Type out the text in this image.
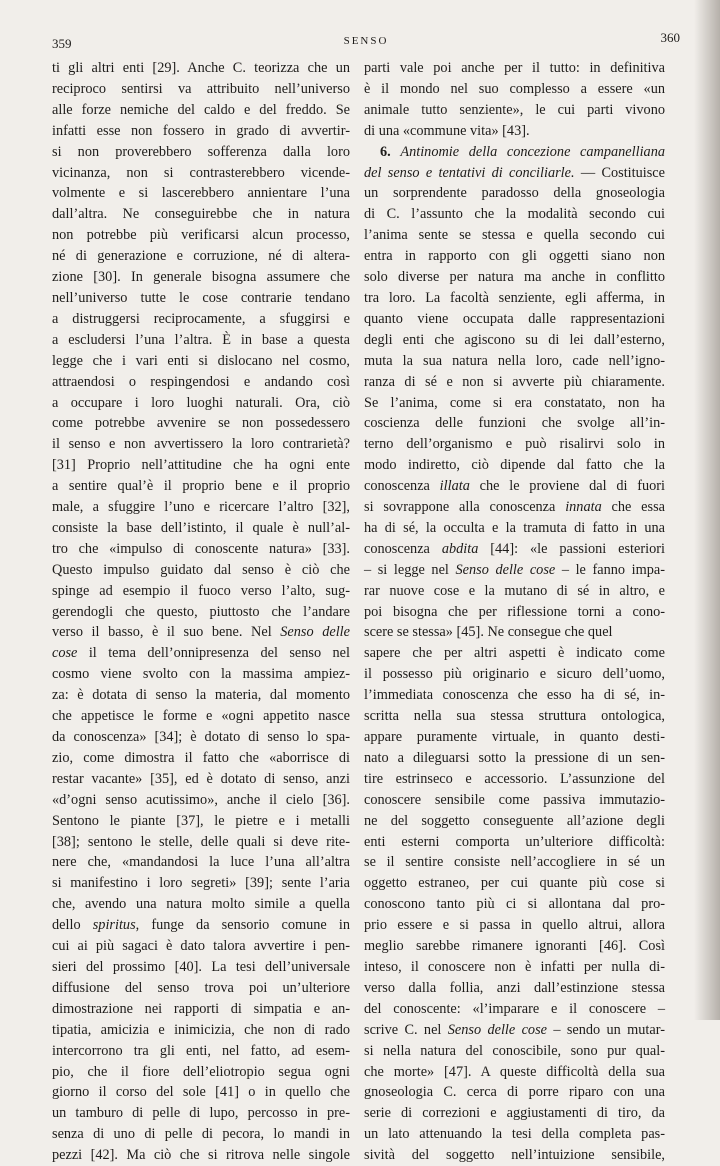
359	SENSO	360
ti gli altri enti [29]. Anche C. teorizza che un
reciproco sentirsi va attribuito nell’universo
alle forze nemiche del caldo e del freddo. Se
infatti esse non fossero in grado di avvertir-
si non proverebbero sofferenza dalla loro
vicinanza, non si contrasterebbero vicende-
volmente e si lascerebbero annientare l’una
dall’altra. Ne conseguirebbe che in natura
non potrebbe più verificarsi alcun processo,
né di generazione e corruzione, né di altera-
zione [30]. In generale bisogna assumere che
nell’universo tutte le cose contrarie tendano
a distruggersi reciprocamente, a sfuggirsi e
a escludersi l’una l’altra. È in base a questa
legge che i vari enti si dislocano nel cosmo,
attraendosi o respingendosi e andando così
a occupare i loro luoghi naturali. Ora, ciò
come potrebbe avvenire se non possedessero
il senso e non avvertissero la loro contrarietà?
[31] Proprio nell’attitudine che ha ogni ente
a sentire qual’è il proprio bene e il proprio
male, a sfuggire l’uno e ricercare l’altro [32],
consiste la base dell’istinto, il quale è null’al-
tro che «impulso di conoscente natura» [33].
Questo impulso guidato dal senso è ciò che
spinge ad esempio il fuoco verso l’alto, sug-
gerendogli che questo, piuttosto che l’andare
verso il basso, è il suo bene. Nel Senso delle
cose il tema dell’onnipresenza del senso nel
cosmo viene svolto con la massima ampiez-
za: è dotata di senso la materia, dal momento
che appetisce le forme e «ogni appetito nasce
da conoscenza» [34]; è dotato di senso lo spa-
zio, come dimostra il fatto che «aborrisce di
restar vacante» [35], ed è dotato di senso, anzi
«d’ogni senso acutissimo», anche il cielo [36].
Sentono le piante [37], le pietre e i metalli
[38]; sentono le stelle, delle quali si deve rite-
nere che, «mandandosi la luce l’una all’altra
si manifestino i loro segreti» [39]; sente l’aria
che, avendo una natura molto simile a quella
dello spiritus, funge da sensorio comune in
cui ai più sagaci è dato talora avvertire i pen-
sieri del prossimo [40]. La tesi dell’universale
diffusione del senso trova poi un’ulteriore
dimostrazione nei rapporti di simpatia e an-
tipatia, amicizia e inimicizia, che non di rado
intercorrono tra gli enti, nel fatto, ad esem-
pio, che il fiore dell’eliotropio segua ogni
giorno il corso del sole [41] o in quello che
un tamburo di pelle di lupo, percosso in pre-
senza di uno di pelle di pecora, lo mandi in
pezzi [42]. Ma ciò che si ritrova nelle singole
parti vale poi anche per il tutto: in definitiva
è il mondo nel suo complesso a essere «un
animale tutto senziente», le cui parti vivono
di una «commune vita» [43].
6. Antinomie della concezione campanelliana
del senso e tentativi di conciliarle. — Costituisce
un sorprendente paradosso della gnoseologia
di C. l’assunto che la modalità secondo cui
l’anima sente se stessa e quella secondo cui
entra in rapporto con gli oggetti siano non
solo diverse per natura ma anche in conflitto
tra loro. La facoltà senziente, egli afferma, in
quanto viene occupata dalle rappresentazioni
degli enti che agiscono su di lei dall’esterno,
muta la sua natura nella loro, cade nell’igno-
ranza di sé e non si avverte più chiaramente.
Se l’anima, come si era constatato, non ha
coscienza delle funzioni che svolge all’in-
terno dell’organismo e può risalirvi solo in
modo indiretto, ciò dipende dal fatto che la
conoscenza illata che le proviene dal di fuori
si sovrappone alla conoscenza innata che essa
ha di sé, la occulta e la tramuta di fatto in una
conoscenza abdita [44]: «le passioni esteriori
– si legge nel Senso delle cose – le fanno impa-
rar nuove cose e la mutano di sé in altro, e
poi bisogna che per riflessione torni a cono-
scere se stessa» [45]. Ne consegue che quel
sapere che per altri aspetti è indicato come
il possesso più originario e sicuro dell’uomo,
l’immediata conoscenza che esso ha di sé, in-
scritta nella sua stessa struttura ontologica,
appare puramente virtuale, in quanto desti-
nato a dileguarsi sotto la pressione di un sen-
tire estrinseco e accessorio. L’assunzione del
conoscere sensibile come passiva immutazio-
ne del soggetto conseguente all’azione degli
enti esterni comporta un’ulteriore difficoltà:
se il sentire consiste nell’accogliere in sé un
oggetto estraneo, per cui quante più cose si
conoscono tanto più ci si allontana dal pro-
prio essere e si passa in quello altrui, allora
meglio sarebbe rimanere ignoranti [46]. Così
inteso, il conoscere non è infatti per nulla di-
verso dalla follia, anzi dall’estinzione stessa
del conoscente: «l’imparare e il conoscere –
scrive C. nel Senso delle cose – sendo un mutar-
si nella natura del conoscibile, sono pur qual-
che morte» [47]. A queste difficoltà della sua
gnoseologia C. cerca di porre riparo con una
serie di correzioni e aggiustamenti di tiro, da
un lato attenuando la tesi della completa pas-
sività del soggetto nell’intuizione sensibile,
